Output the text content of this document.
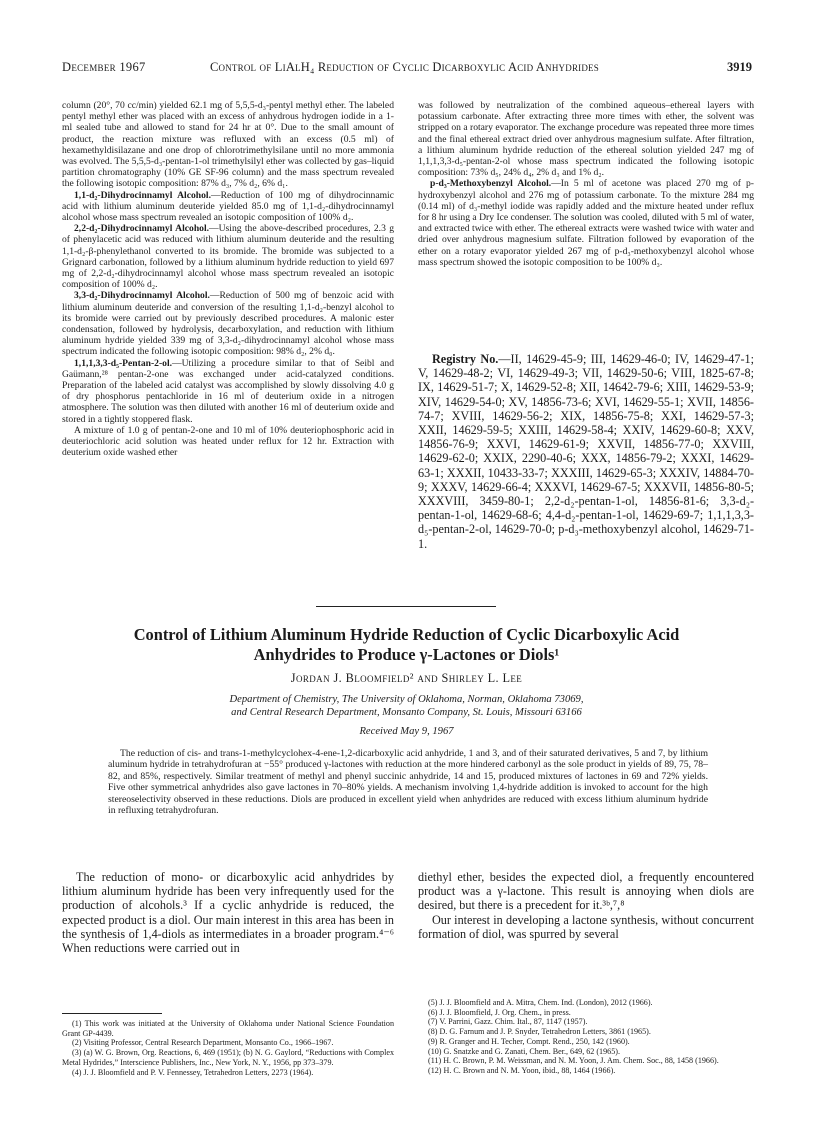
December 1967	Control of LiAlH₄ Reduction of Cyclic Dicarboxylic Acid Anhydrides	3919

column (20°, 70 cc/min) yielded 62.1 mg of 5,5,5-d₃-pentyl methyl ether. The labeled pentyl methyl ether was placed with an excess of anhydrous hydrogen iodide in a 1-ml sealed tube and allowed to stand for 24 hr at 0°. Due to the small amount of product, the reaction mixture was refluxed with an excess (0.5 ml) of hexamethyldisilazane and one drop of chlorotrimethylsilane until no more ammonia was evolved. The 5,5,5-d₃-pentan-1-ol trimethylsilyl ether was collected by gas–liquid partition chromatography (10% GE SF-96 column) and the mass spectrum revealed the following isotopic composition: 87% d₃, 7% d₂, 6% d₁.

1,1-d₂-Dihydrocinnamyl Alcohol.—Reduction of 100 mg of dihydrocinnamic acid with lithium aluminum deuteride yielded 85.0 mg of 1,1-d₂-dihydrocinnamyl alcohol whose mass spectrum revealed an isotopic composition of 100% d₂.

2,2-d₂-Dihydrocinnamyl Alcohol.—Using the above-described procedures, 2.3 g of phenylacetic acid was reduced with lithium aluminum deuteride and the resulting 1,1-d₂-β-phenylethanol converted to its bromide. The bromide was subjected to a Grignard carbonation, followed by a lithium aluminum hydride reduction to yield 697 mg of 2,2-d₂-dihydrocinnamyl alcohol whose mass spectrum revealed an isotopic composition of 100% d₂.

3,3-d₂-Dihydrocinnamyl Alcohol.—Reduction of 500 mg of benzoic acid with lithium aluminum deuteride and conversion of the resulting 1,1-d₂-benzyl alcohol to its bromide were carried out by previously described procedures. A malonic ester condensation, followed by hydrolysis, decarboxylation, and reduction with lithium aluminum hydride yielded 339 mg of 3,3-d₂-dihydrocinnamyl alcohol whose mass spectrum indicated the following isotopic composition: 98% d₂, 2% d₀.

1,1,1,3,3-d₅-Pentan-2-ol.—Utilizing a procedure similar to that of Seibl and Gaümann,²⁸ pentan-2-one was exchanged under acid-catalyzed conditions. Preparation of the labeled acid catalyst was accomplished by slowly dissolving 4.0 g of dry phosphorus pentachloride in 16 ml of deuterium oxide in a nitrogen atmosphere. The solution was then diluted with another 16 ml of deuterium oxide and stored in a tightly stoppered flask.

A mixture of 1.0 g of pentan-2-one and 10 ml of 10% deuteriophosphoric acid in deuteriochloric acid solution was heated under reflux for 12 hr. Extraction with deuterium oxide washed ether

was followed by neutralization of the combined aqueous–ethereal layers with potassium carbonate. After extracting three more times with ether, the solvent was stripped on a rotary evaporator. The exchange procedure was repeated three more times and the final ethereal extract dried over anhydrous magnesium sulfate. After filtration, a lithium aluminum hydride reduction of the ethereal solution yielded 247 mg of 1,1,1,3,3-d₅-pentan-2-ol whose mass spectrum indicated the following isotopic composition: 73% d₅, 24% d₄, 2% d₃ and 1% d₂.

p-d₃-Methoxybenzyl Alcohol.—In 5 ml of acetone was placed 270 mg of p-hydroxybenzyl alcohol and 276 mg of potassium carbonate. To the mixture 284 mg (0.14 ml) of d₃-methyl iodide was rapidly added and the mixture heated under reflux for 8 hr using a Dry Ice condenser. The solution was cooled, diluted with 5 ml of water, and extracted twice with ether. The ethereal extracts were washed twice with water and dried over anhydrous magnesium sulfate. Filtration followed by evaporation of the ether on a rotary evaporator yielded 267 mg of p-d₃-methoxybenzyl alcohol whose mass spectrum showed the isotopic composition to be 100% d₃.

Registry No.—II, 14629-45-9; III, 14629-46-0; IV, 14629-47-1; V, 14629-48-2; VI, 14629-49-3; VII, 14629-50-6; VIII, 1825-67-8; IX, 14629-51-7; X, 14629-52-8; XII, 14642-79-6; XIII, 14629-53-9; XIV, 14629-54-0; XV, 14856-73-6; XVI, 14629-55-1; XVII, 14856-74-7; XVIII, 14629-56-2; XIX, 14856-75-8; XXI, 14629-57-3; XXII, 14629-59-5; XXIII, 14629-58-4; XXIV, 14629-60-8; XXV, 14856-76-9; XXVI, 14629-61-9; XXVII, 14856-77-0; XXVIII, 14629-62-0; XXIX, 2290-40-6; XXX, 14856-79-2; XXXI, 14629-63-1; XXXII, 10433-33-7; XXXIII, 14629-65-3; XXXIV, 14884-70-9; XXXV, 14629-66-4; XXXVI, 14629-67-5; XXXVII, 14856-80-5; XXXVIII, 3459-80-1; 2,2-d₂-pentan-1-ol, 14856-81-6; 3,3-d₂-pentan-1-ol, 14629-68-6; 4,4-d₂-pentan-1-ol, 14629-69-7; 1,1,1,3,3-d₅-pentan-2-ol, 14629-70-0; p-d₃-methoxybenzyl alcohol, 14629-71-1.

Control of Lithium Aluminum Hydride Reduction of Cyclic Dicarboxylic Acid
Anhydrides to Produce γ-Lactones or Diols¹
Jordan J. Bloomfield² and Shirley L. Lee
Department of Chemistry, The University of Oklahoma, Norman, Oklahoma 73069,
and Central Research Department, Monsanto Company, St. Louis, Missouri 63166
Received May 9, 1967

The reduction of cis- and trans-1-methylcyclohex-4-ene-1,2-dicarboxylic acid anhydride, 1 and 3, and of their saturated derivatives, 5 and 7, by lithium aluminum hydride in tetrahydrofuran at −55° produced γ-lactones with reduction at the more hindered carbonyl as the sole product in yields of 89, 75, 78–82, and 85%, respectively. Similar treatment of methyl and phenyl succinic anhydride, 14 and 15, produced mixtures of lactones in 69 and 72% yields. Five other symmetrical anhydrides also gave lactones in 70–80% yields. A mechanism involving 1,4-hydride addition is invoked to account for the high stereoselectivity observed in these reductions. Diols are produced in excellent yield when anhydrides are reduced with excess lithium aluminum hydride in refluxing tetrahydrofuran.

The reduction of mono- or dicarboxylic acid anhydrides by lithium aluminum hydride has been very infrequently used for the production of alcohols.³ If a cyclic anhydride is reduced, the expected product is a diol. Our main interest in this area has been in the synthesis of 1,4-diols as intermediates in a broader program.⁴⁻⁶ When reductions were carried out in

diethyl ether, besides the expected diol, a frequently encountered product was a γ-lactone. This result is annoying when diols are desired, but there is a precedent for it.³ᵇ,⁷,⁸

Our interest in developing a lactone synthesis, without concurrent formation of diol, was spurred by several

(1) This work was initiated at the University of Oklahoma under National Science Foundation Grant GP-4439.

(2) Visiting Professor, Central Research Department, Monsanto Co., 1966–1967.

(3) (a) W. G. Brown, Org. Reactions, 6, 469 (1951); (b) N. G. Gaylord, “Reductions with Complex Metal Hydrides,” Interscience Publishers, Inc., New York, N. Y., 1956, pp 373–379.

(4) J. J. Bloomfield and P. V. Fennessey, Tetrahedron Letters, 2273 (1964).

(5) J. J. Bloomfield and A. Mitra, Chem. Ind. (London), 2012 (1966).

(6) J. J. Bloomfield, J. Org. Chem., in press.

(7) V. Parrini, Gazz. Chim. Ital., 87, 1147 (1957).

(8) D. G. Farnum and J. P. Snyder, Tetrahedron Letters, 3861 (1965).

(9) R. Granger and H. Techer, Compt. Rend., 250, 142 (1960).

(10) G. Snatzke and G. Zanati, Chem. Ber., 649, 62 (1965).

(11) H. C. Brown, P. M. Weissman, and N. M. Yoon, J. Am. Chem. Soc., 88, 1458 (1966).

(12) H. C. Brown and N. M. Yoon, ibid., 88, 1464 (1966).
